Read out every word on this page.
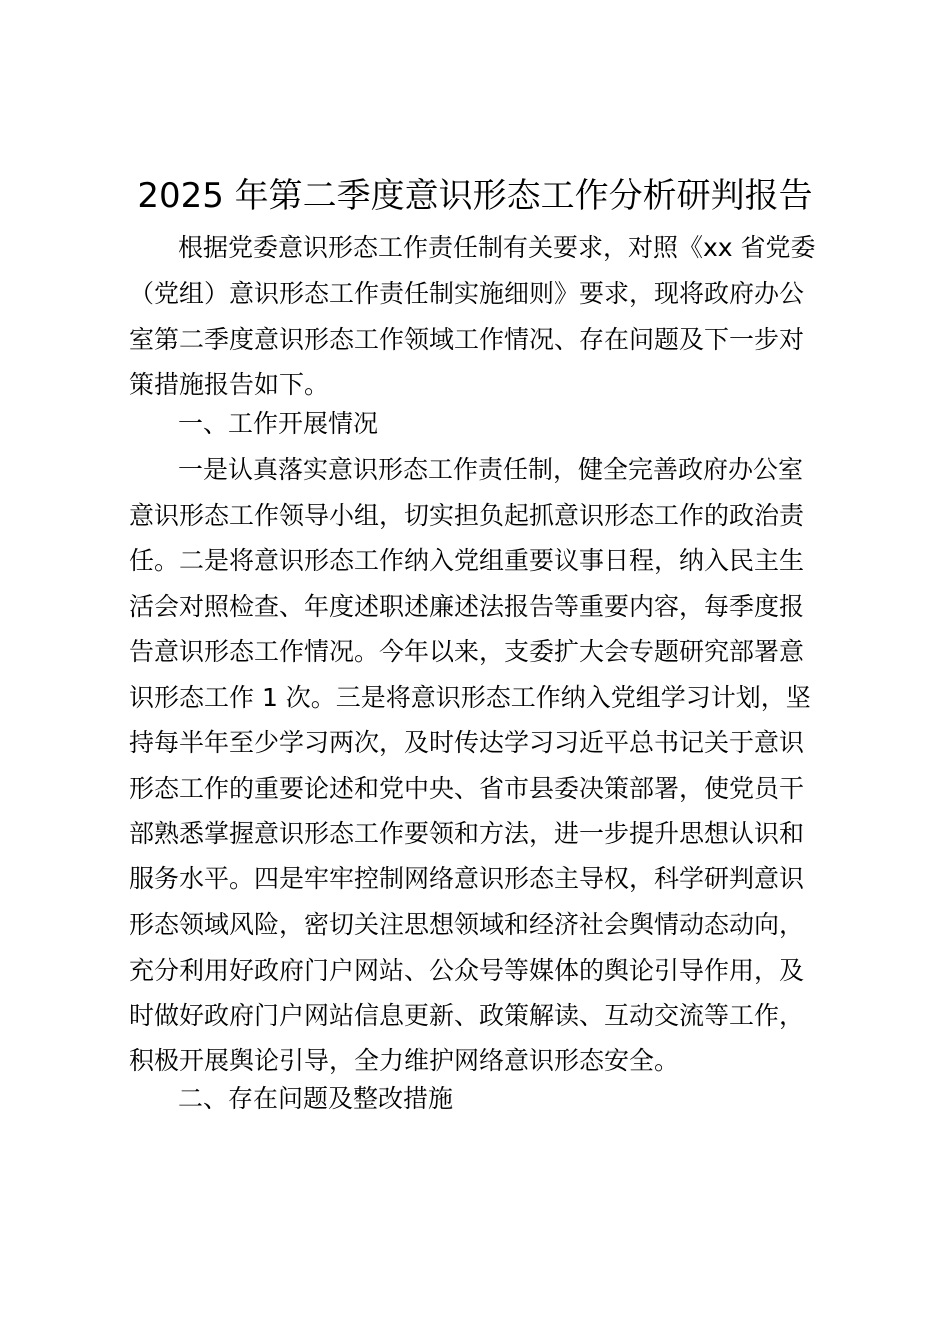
2025 年第二季度意识形态工作分析研判报告

根据党委意识形态工作责任制有关要求，对照《xx 省党委

（党组）意识形态工作责任制实施细则》要求，现将政府办公

室第二季度意识形态工作领域工作情况、存在问题及下一步对

策措施报告如下。

一、工作开展情况

一是认真落实意识形态工作责任制，健全完善政府办公室

意识形态工作领导小组，切实担负起抓意识形态工作的政治责

任。二是将意识形态工作纳入党组重要议事日程，纳入民主生

活会对照检查、年度述职述廉述法报告等重要内容，每季度报

告意识形态工作情况。今年以来，支委扩大会专题研究部署意

识形态工作 1 次。三是将意识形态工作纳入党组学习计划，坚

持每半年至少学习两次，及时传达学习习近平总书记关于意识

形态工作的重要论述和党中央、省市县委决策部署，使党员干

部熟悉掌握意识形态工作要领和方法，进一步提升思想认识和

服务水平。四是牢牢控制网络意识形态主导权，科学研判意识

形态领域风险，密切关注思想领域和经济社会舆情动态动向，

充分利用好政府门户网站、公众号等媒体的舆论引导作用，及

时做好政府门户网站信息更新、政策解读、互动交流等工作，

积极开展舆论引导，全力维护网络意识形态安全。

二、存在问题及整改措施
